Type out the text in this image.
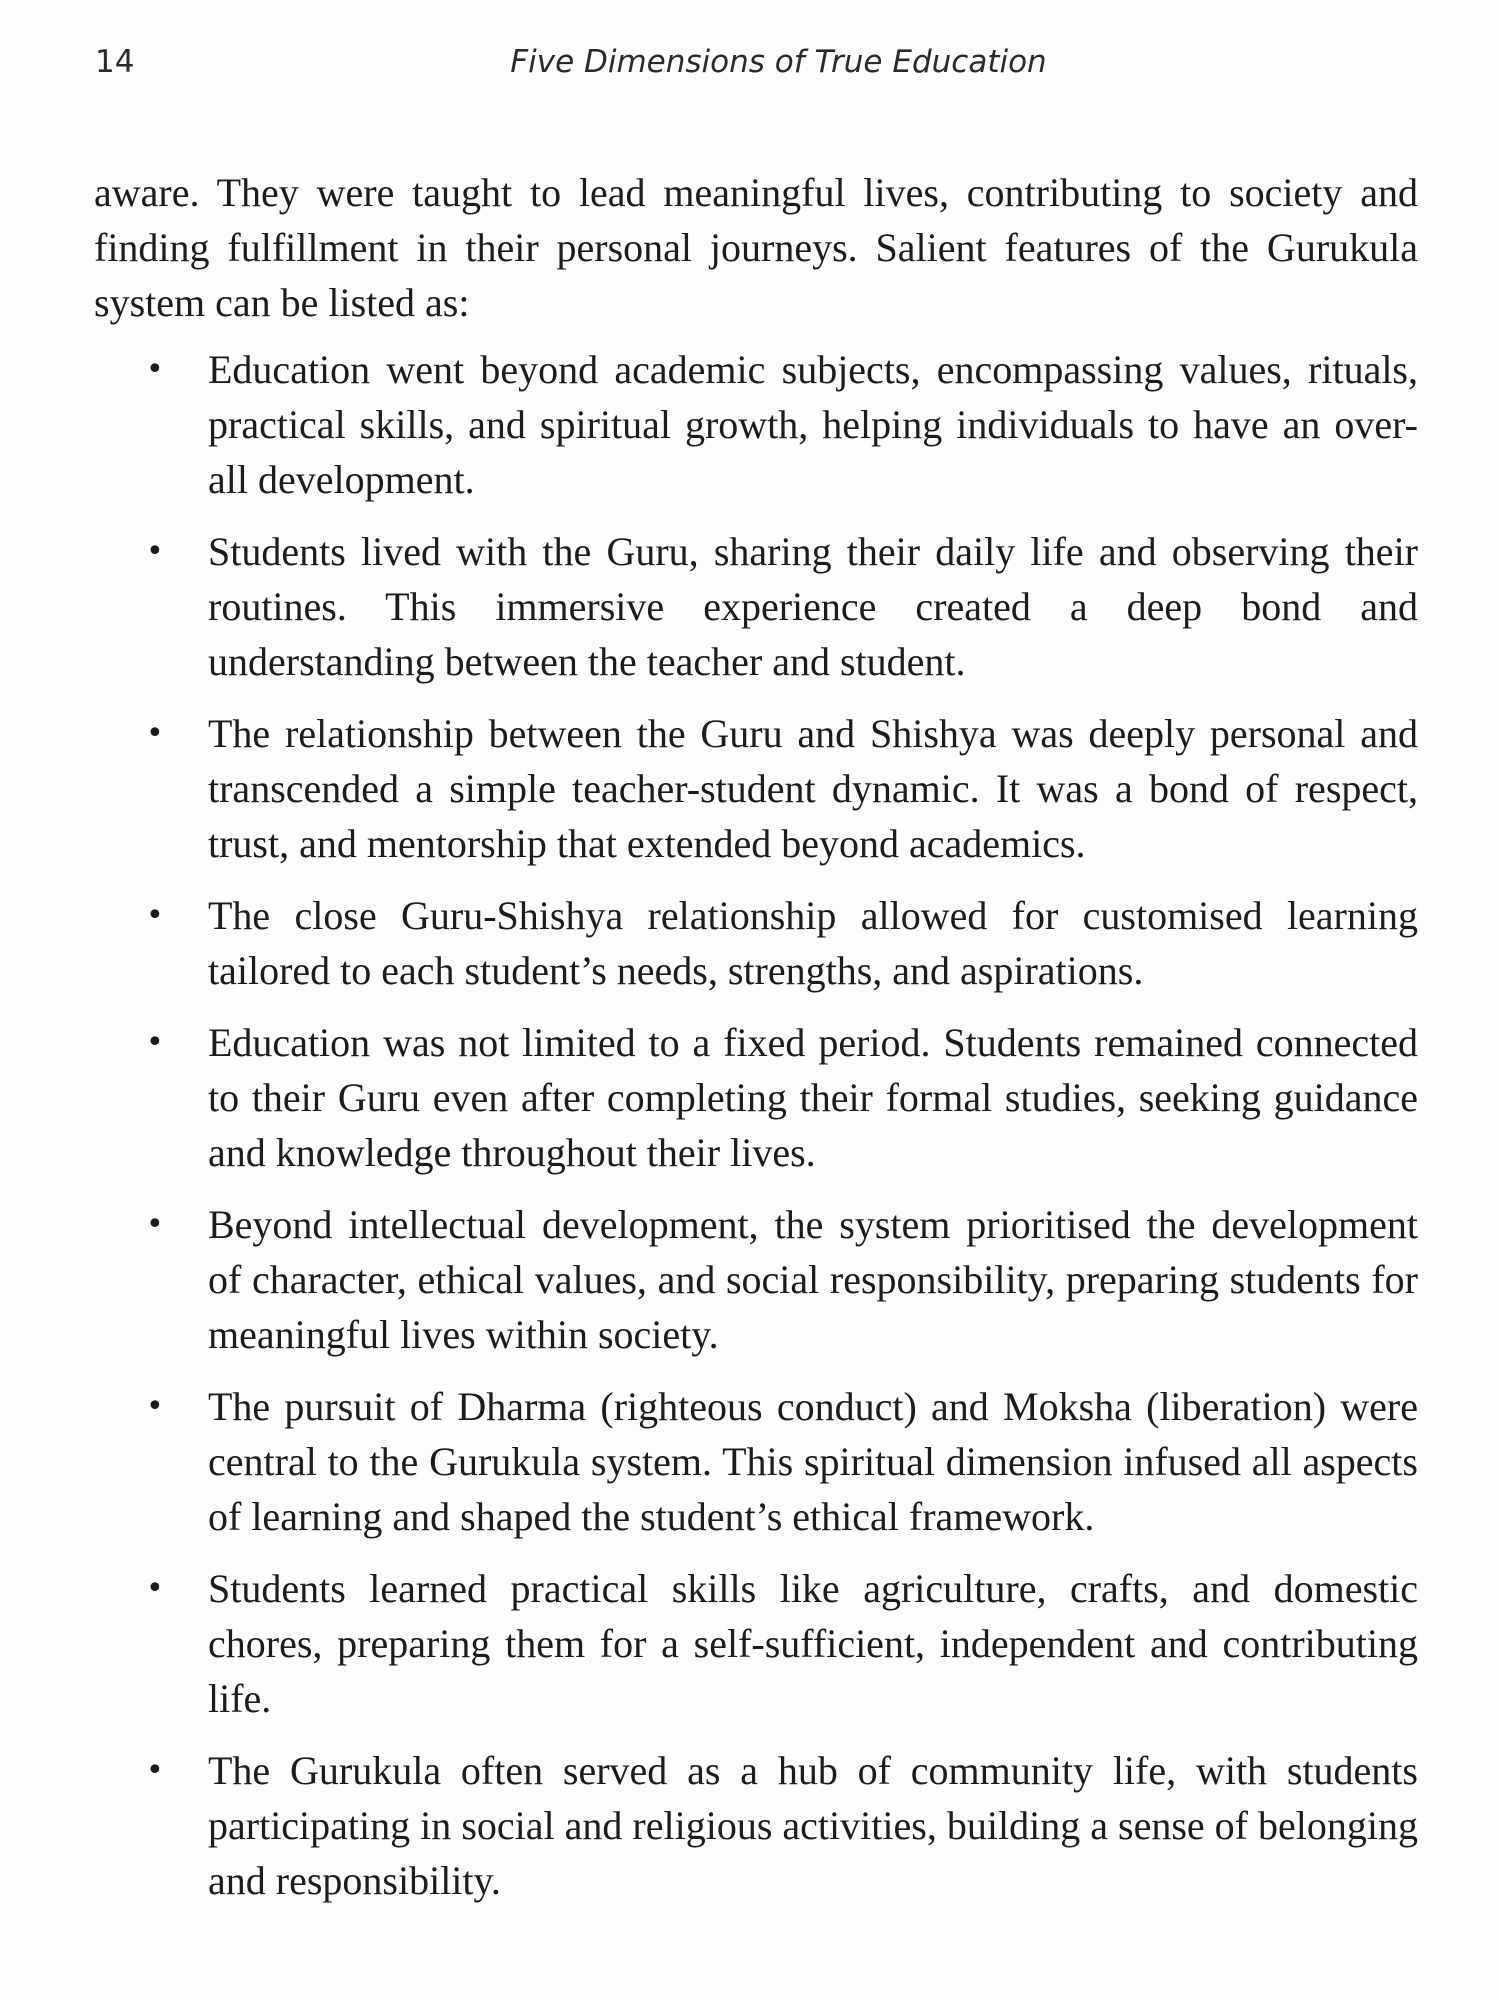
14	Five Dimensions of True Education

aware. They were taught to lead meaningful lives, contributing to society and finding fulfillment in their personal journeys. Salient features of the Gurukula system can be listed as:

• Education went beyond academic subjects, encompassing values, rituals, practical skills, and spiritual growth, helping individuals to have an over-all development.
• Students lived with the Guru, sharing their daily life and observing their routines. This immersive experience created a deep bond and understanding between the teacher and student.
• The relationship between the Guru and Shishya was deeply personal and transcended a simple teacher-student dynamic. It was a bond of respect, trust, and mentorship that extended beyond academics.
• The close Guru-Shishya relationship allowed for customised learning tailored to each student’s needs, strengths, and aspirations.
• Education was not limited to a fixed period. Students remained connected to their Guru even after completing their formal studies, seeking guidance and knowledge throughout their lives.
• Beyond intellectual development, the system prioritised the development of character, ethical values, and social responsibility, preparing students for meaningful lives within society.
• The pursuit of Dharma (righteous conduct) and Moksha (liberation) were central to the Gurukula system. This spiritual dimension infused all aspects of learning and shaped the student’s ethical framework.
• Students learned practical skills like agriculture, crafts, and domestic chores, preparing them for a self-sufficient, independent and contributing life.
• The Gurukula often served as a hub of community life, with students participating in social and religious activities, building a sense of belonging and responsibility.
